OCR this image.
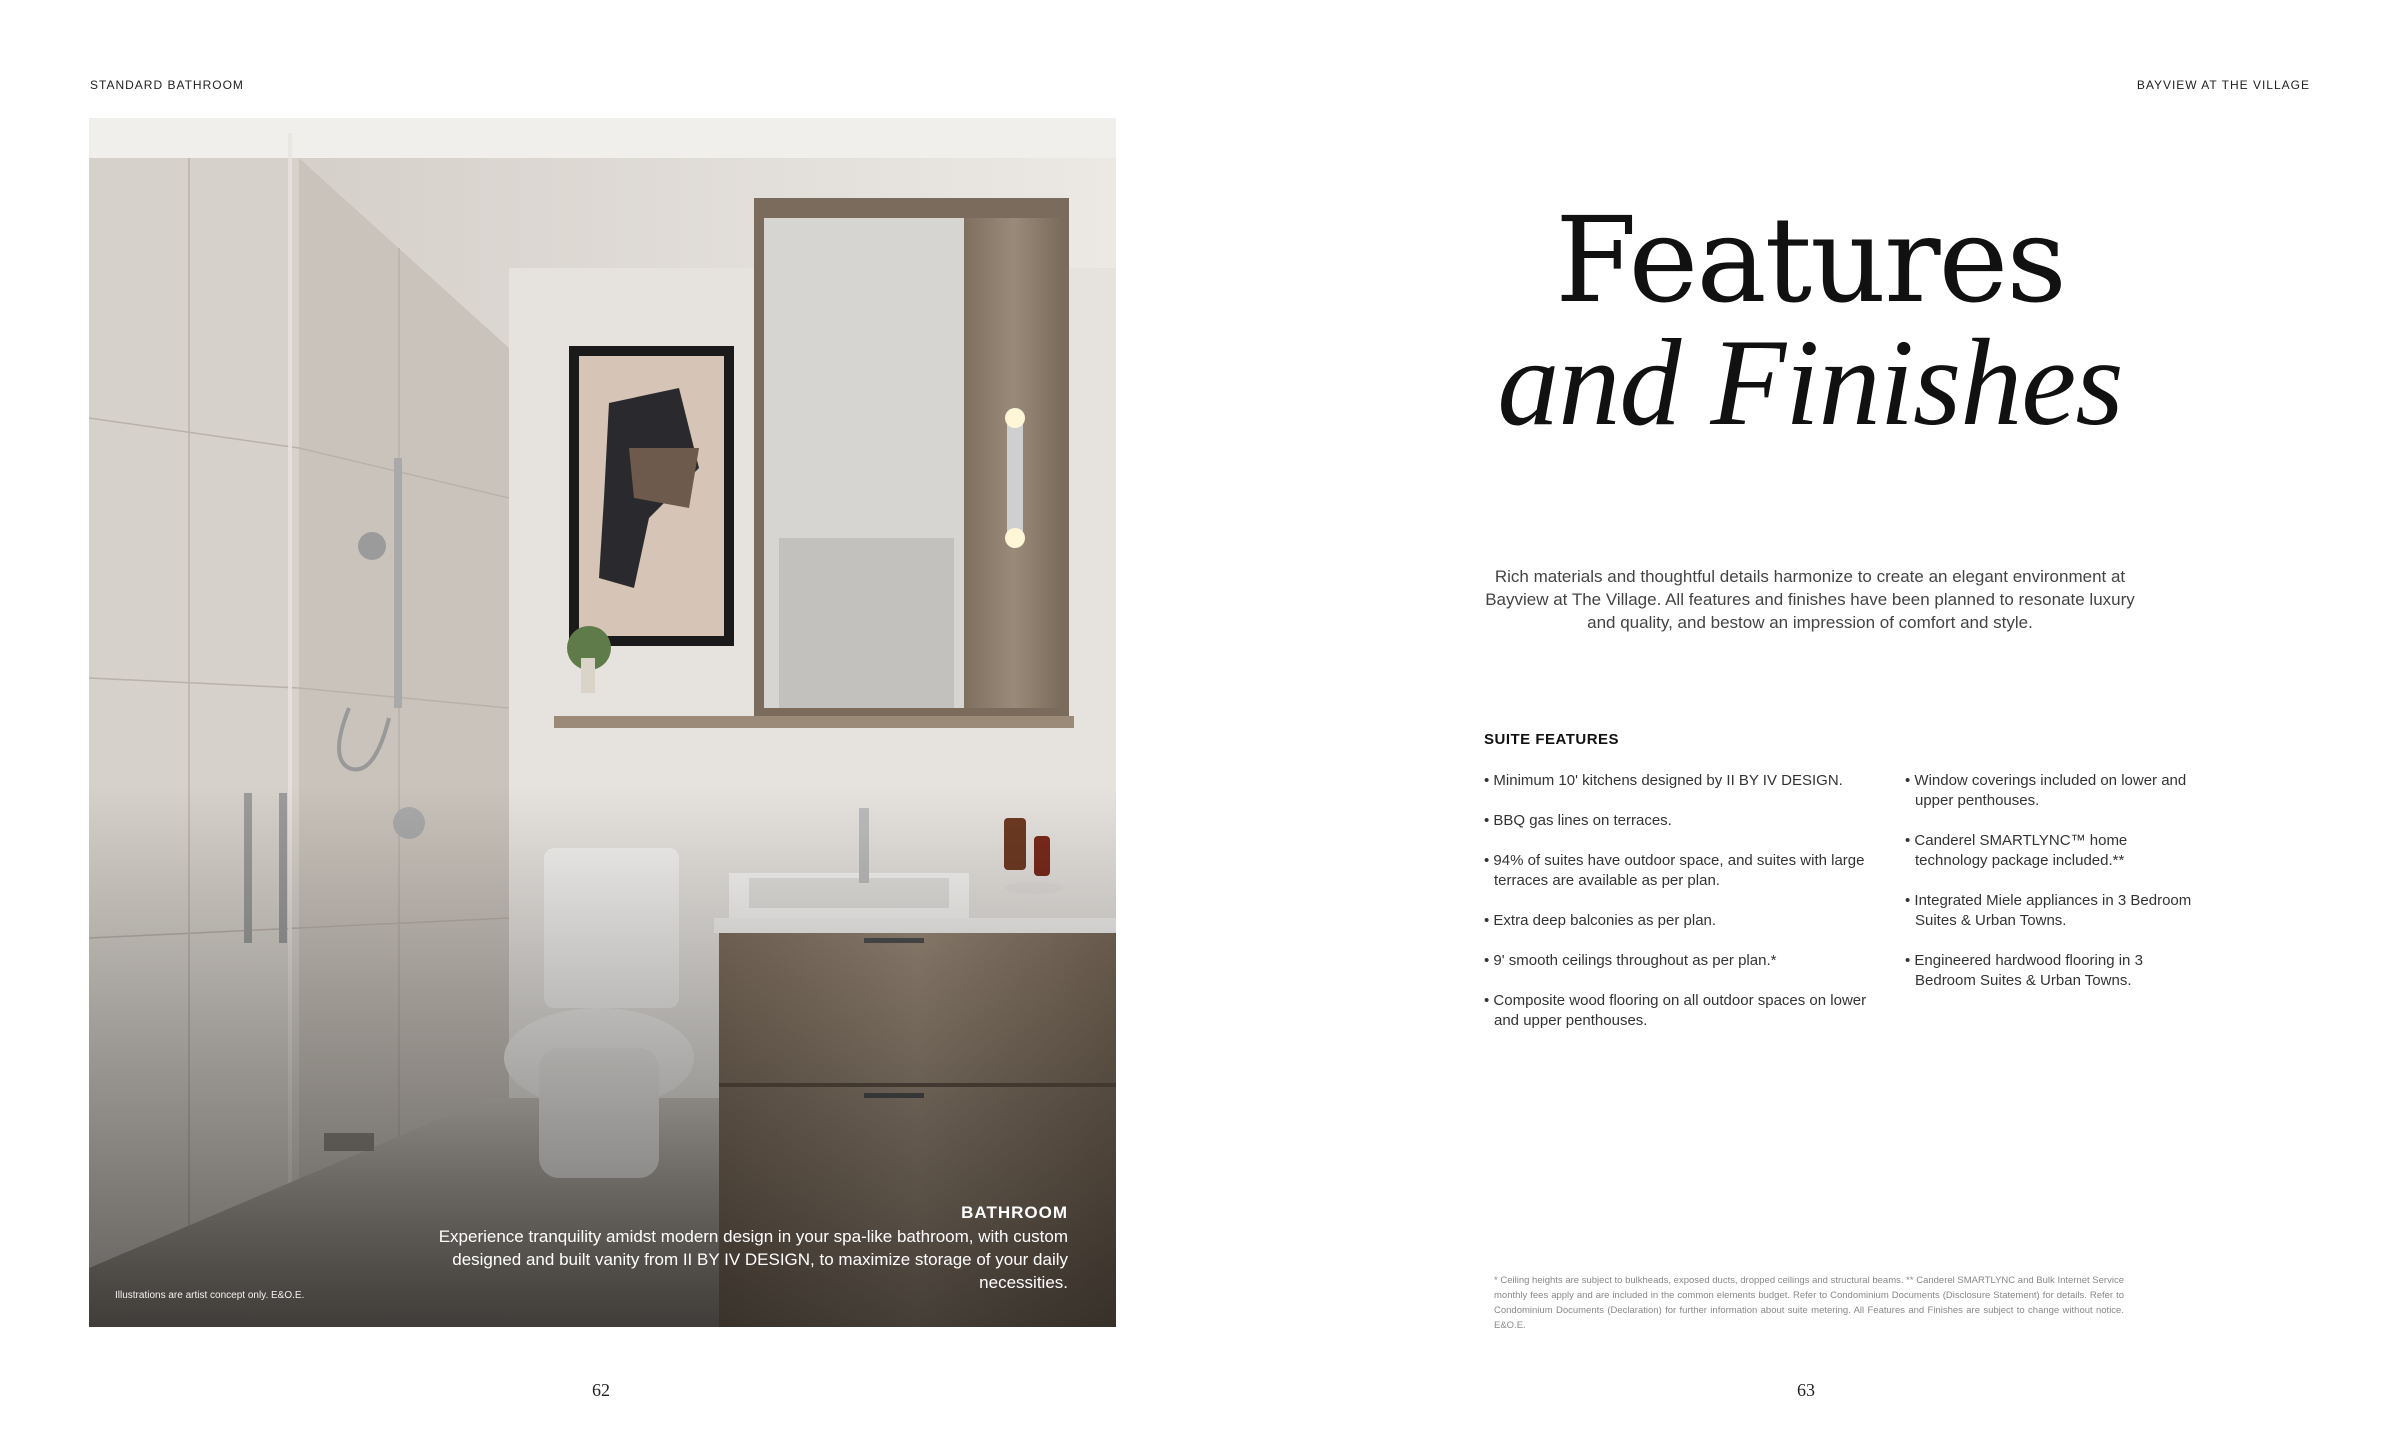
STANDARD BATHROOM	BAYVIEW AT THE VILLAGE
Illustrations are artist concept only. E&O.E.
BATHROOM
Experience tranquility amidst modern design in your spa-like bathroom, with custom designed and built vanity from II BY IV DESIGN, to maximize storage of your daily necessities.
Features
and Finishes
Rich materials and thoughtful details harmonize to create an elegant environment at Bayview at The Village. All features and finishes have been planned to resonate luxury and quality, and bestow an impression of comfort and style.
SUITE FEATURES
• Minimum 10' kitchens designed by II BY IV DESIGN.
• BBQ gas lines on terraces.
• 94% of suites have outdoor space, and suites with large terraces are available as per plan.
• Extra deep balconies as per plan.
• 9' smooth ceilings throughout as per plan.*
• Composite wood flooring on all outdoor spaces on lower and upper penthouses.
• Window coverings included on lower and upper penthouses.
• Canderel SMARTLYNC™ home technology package included.**
• Integrated Miele appliances in 3 Bedroom Suites & Urban Towns.
• Engineered hardwood flooring in 3 Bedroom Suites & Urban Towns.
* Ceiling heights are subject to bulkheads, exposed ducts, dropped ceilings and structural beams. ** Canderel SMARTLYNC and Bulk Internet Service monthly fees apply and are included in the common elements budget. Refer to Condominium Documents (Disclosure Statement) for details. Refer to Condominium Documents (Declaration) for further information about suite metering. All Features and Finishes are subject to change without notice. E&O.E.
62	63
